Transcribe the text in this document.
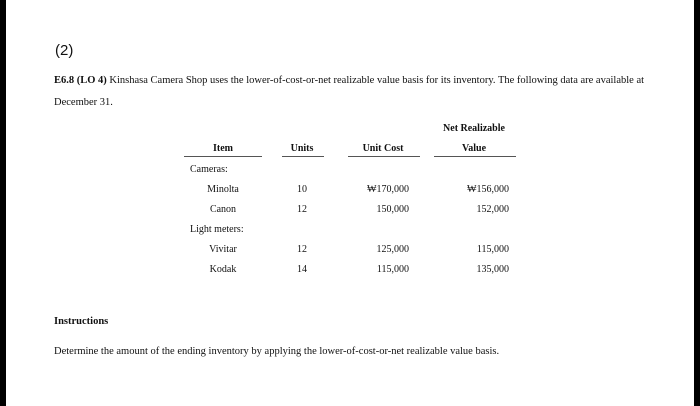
(2)
E6.8 (LO 4) Kinshasa Camera Shop uses the lower-of-cost-or-net realizable value basis for its inventory. The following data are available at December 31.
Item	Units	Unit Cost
Net Realizable
Value
Cameras:
Minolta	10	₩170,000	₩156,000
Canon	12	150,000	152,000
Light meters:
Vivitar	12	125,000	115,000
Kodak	14	115,000	135,000
Instructions
Determine the amount of the ending inventory by applying the lower-of-cost-or-net realizable value basis.
